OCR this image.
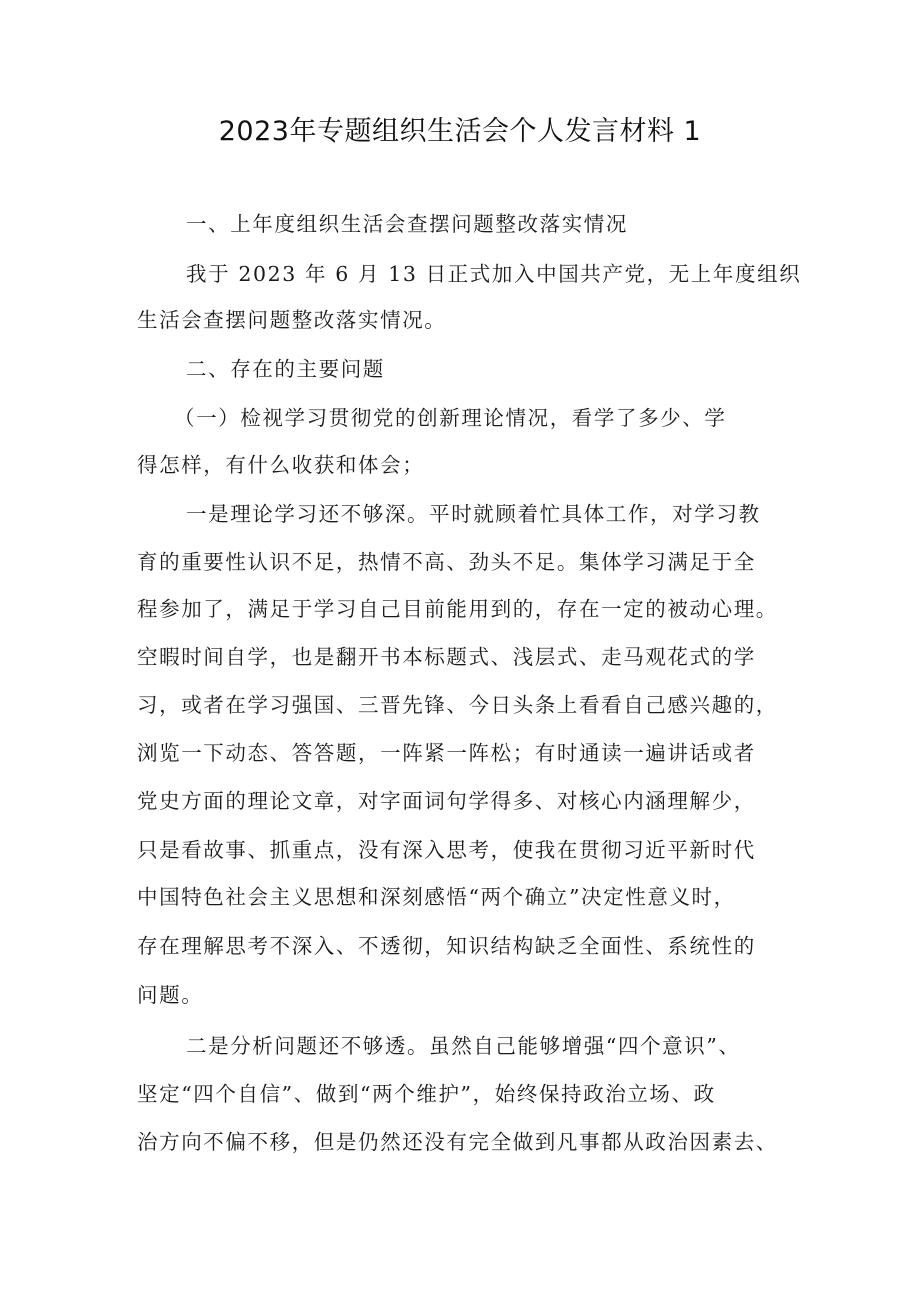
2023年专题组织生活会个人发言材料 1
一、上年度组织生活会查摆问题整改落实情况
我于 2023 年 6 月 13 日正式加入中国共产党，无上年度组织
生活会查摆问题整改落实情况。
二、存在的主要问题
（一）检视学习贯彻党的创新理论情况，看学了多少、学
得怎样，有什么收获和体会；
一是理论学习还不够深。平时就顾着忙具体工作，对学习教
育的重要性认识不足，热情不高、劲头不足。集体学习满足于全
程参加了，满足于学习自己目前能用到的，存在一定的被动心理。
空暇时间自学，也是翻开书本标题式、浅层式、走马观花式的学
习，或者在学习强国、三晋先锋、今日头条上看看自己感兴趣的，
浏览一下动态、答答题，一阵紧一阵松；有时通读一遍讲话或者
党史方面的理论文章，对字面词句学得多、对核心内涵理解少，
只是看故事、抓重点，没有深入思考，使我在贯彻习近平新时代
中国特色社会主义思想和深刻感悟“两个确立”决定性意义时，
存在理解思考不深入、不透彻，知识结构缺乏全面性、系统性的
问题。
二是分析问题还不够透。虽然自己能够增强“四个意识”、
坚定“四个自信”、做到“两个维护”，始终保持政治立场、政
治方向不偏不移，但是仍然还没有完全做到凡事都从政治因素去、
